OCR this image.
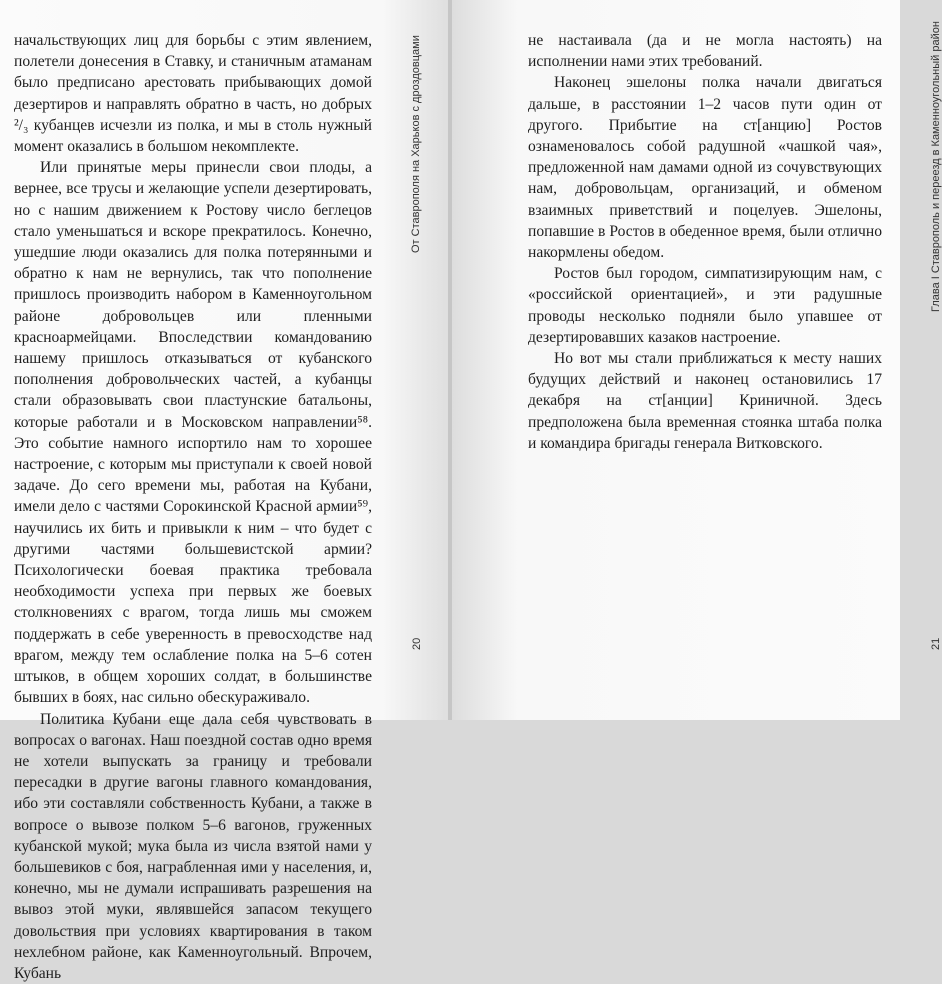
начальствующих лиц для борьбы с этим явлением, полетели донесения в Ставку, и станичным атаманам было предписано арестовать прибывающих домой дезертиров и направлять обратно в часть, но добрых ²/₃ кубанцев исчезли из полка, и мы в столь нужный момент оказались в большом некомплекте.

Или принятые меры принесли свои плоды, а вернее, все трусы и желающие успели дезертировать, но с нашим движением к Ростову число беглецов стало уменьшаться и вскоре прекратилось. Конечно, ушедшие люди оказались для полка потерянными и обратно к нам не вернулись, так что пополнение пришлось производить набором в Каменноугольном районе добровольцев или пленными красноармейцами. Впоследствии командованию нашему пришлось отказываться от кубанского пополнения добровольческих частей, а кубанцы стали образовывать свои пластунские батальоны, которые работали и в Московском направлении⁵⁸. Это событие намного испортило нам то хорошее настроение, с которым мы приступали к своей новой задаче. До сего времени мы, работая на Кубани, имели дело с частями Сорокинской Красной армии⁵⁹, научились их бить и привыкли к ним – что будет с другими частями большевистской армии? Психологически боевая практика требовала необходимости успеха при первых же боевых столкновениях с врагом, тогда лишь мы сможем поддержать в себе уверенность в превосходстве над врагом, между тем ослабление полка на 5–6 сотен штыков, в общем хороших солдат, в большинстве бывших в боях, нас сильно обескураживало.

Политика Кубани еще дала себя чувствовать в вопросах о вагонах. Наш поездной состав одно время не хотели выпускать за границу и требовали пересадки в другие вагоны главного командования, ибо эти составляли собственность Кубани, а также в вопросе о вывозе полком 5–6 вагонов, груженных кубанской мукой; мука была из числа взятой нами у большевиков с боя, награбленная ими у населения, и, конечно, мы не думали испрашивать разрешения на вывоз этой муки, являвшейся запасом текущего довольствия при условиях квартирования в таком нехлебном районе, как Каменноугольный. Впрочем, Кубань

От Ставрополя на Харьков с дроздовцами
20
Глава I Ставрополь и переезд в Каменноугольный район
21

не настаивала (да и не могла настоять) на исполнении нами этих требований.

Наконец эшелоны полка начали двигаться дальше, в расстоянии 1–2 часов пути один от другого. Прибытие на ст[анцию] Ростов ознаменовалось собой радушной «чашкой чая», предложенной нам дамами одной из сочувствующих нам, добровольцам, организаций, и обменом взаимных приветствий и поцелуев. Эшелоны, попавшие в Ростов в обеденное время, были отлично накормлены обедом.

Ростов был городом, симпатизирующим нам, с «российской ориентацией», и эти радушные проводы несколько подняли было упавшее от дезертировавших казаков настроение.

Но вот мы стали приближаться к месту наших будущих действий и наконец остановились 17 декабря на ст[анции] Криничной. Здесь предположена была временная стоянка штаба полка и командира бригады генерала Витковского.
